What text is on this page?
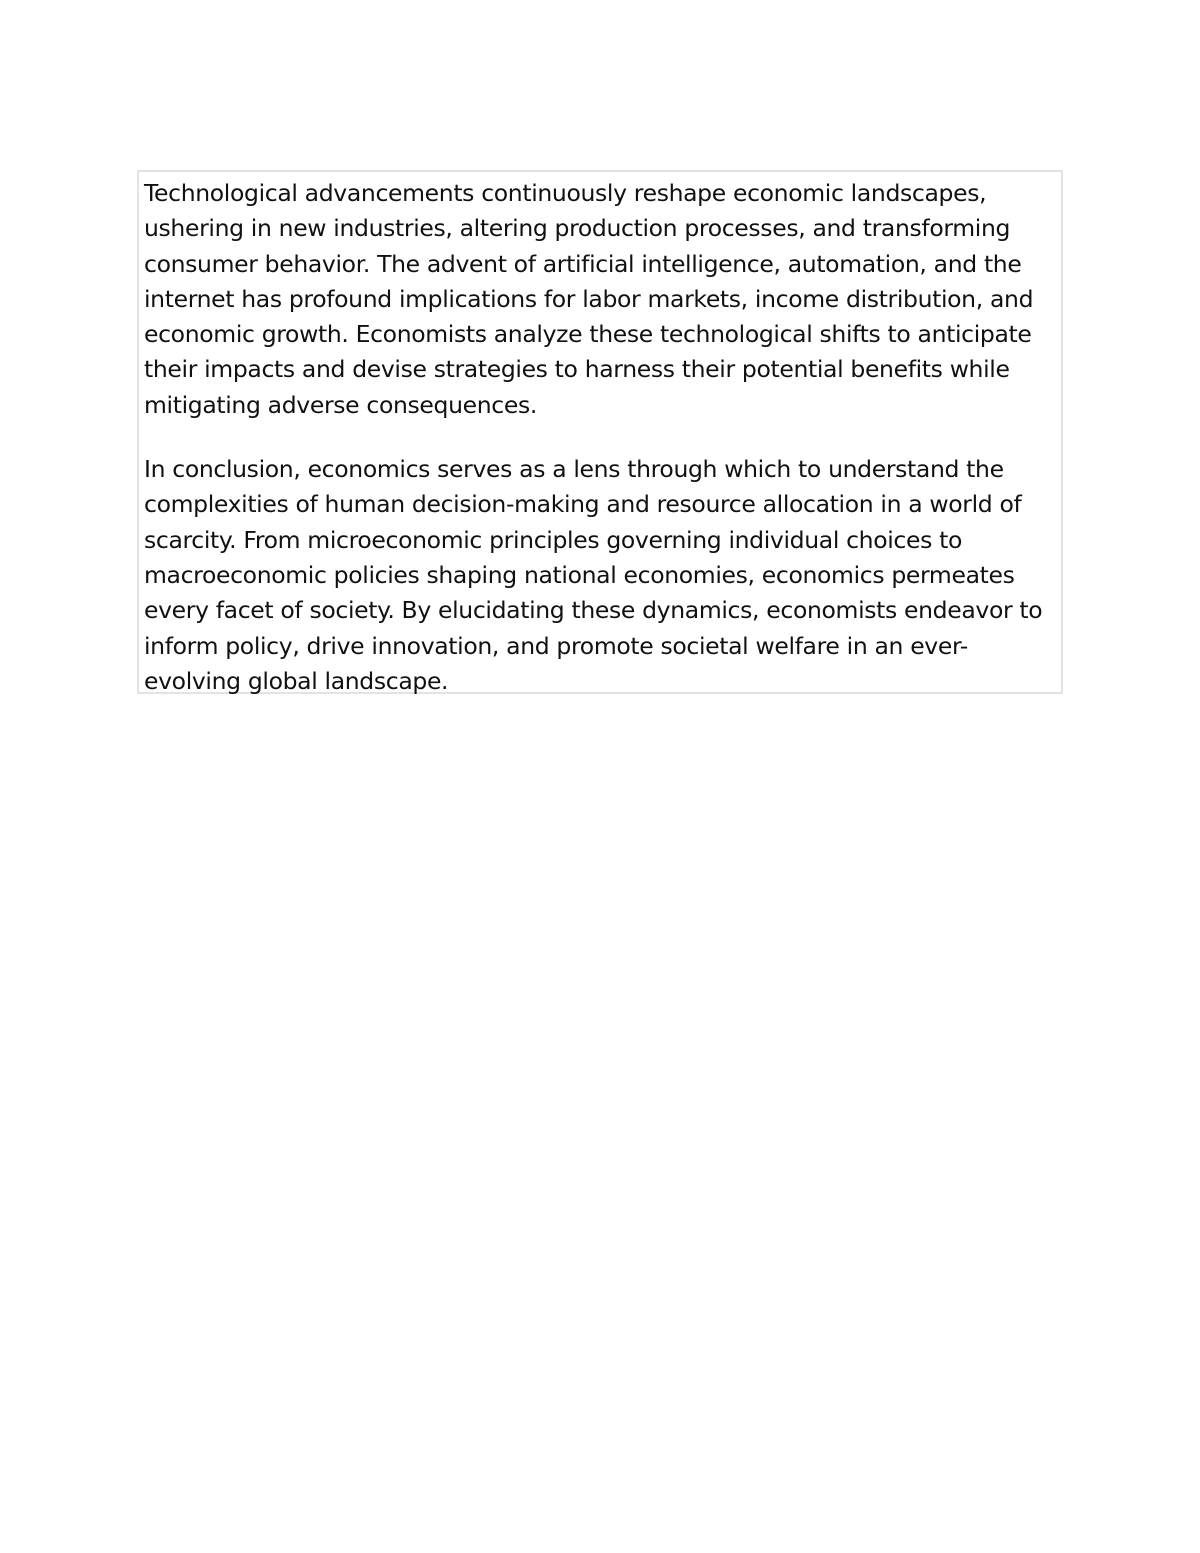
Technological advancements continuously reshape economic landscapes, ushering in new industries, altering production processes, and transforming consumer behavior. The advent of artificial intelligence, automation, and the internet has profound implications for labor markets, income distribution, and economic growth. Economists analyze these technological shifts to anticipate their impacts and devise strategies to harness their potential benefits while mitigating adverse consequences.

In conclusion, economics serves as a lens through which to understand the complexities of human decision-making and resource allocation in a world of scarcity. From microeconomic principles governing individual choices to macroeconomic policies shaping national economies, economics permeates every facet of society. By elucidating these dynamics, economists endeavor to inform policy, drive innovation, and promote societal welfare in an ever-evolving global landscape.
